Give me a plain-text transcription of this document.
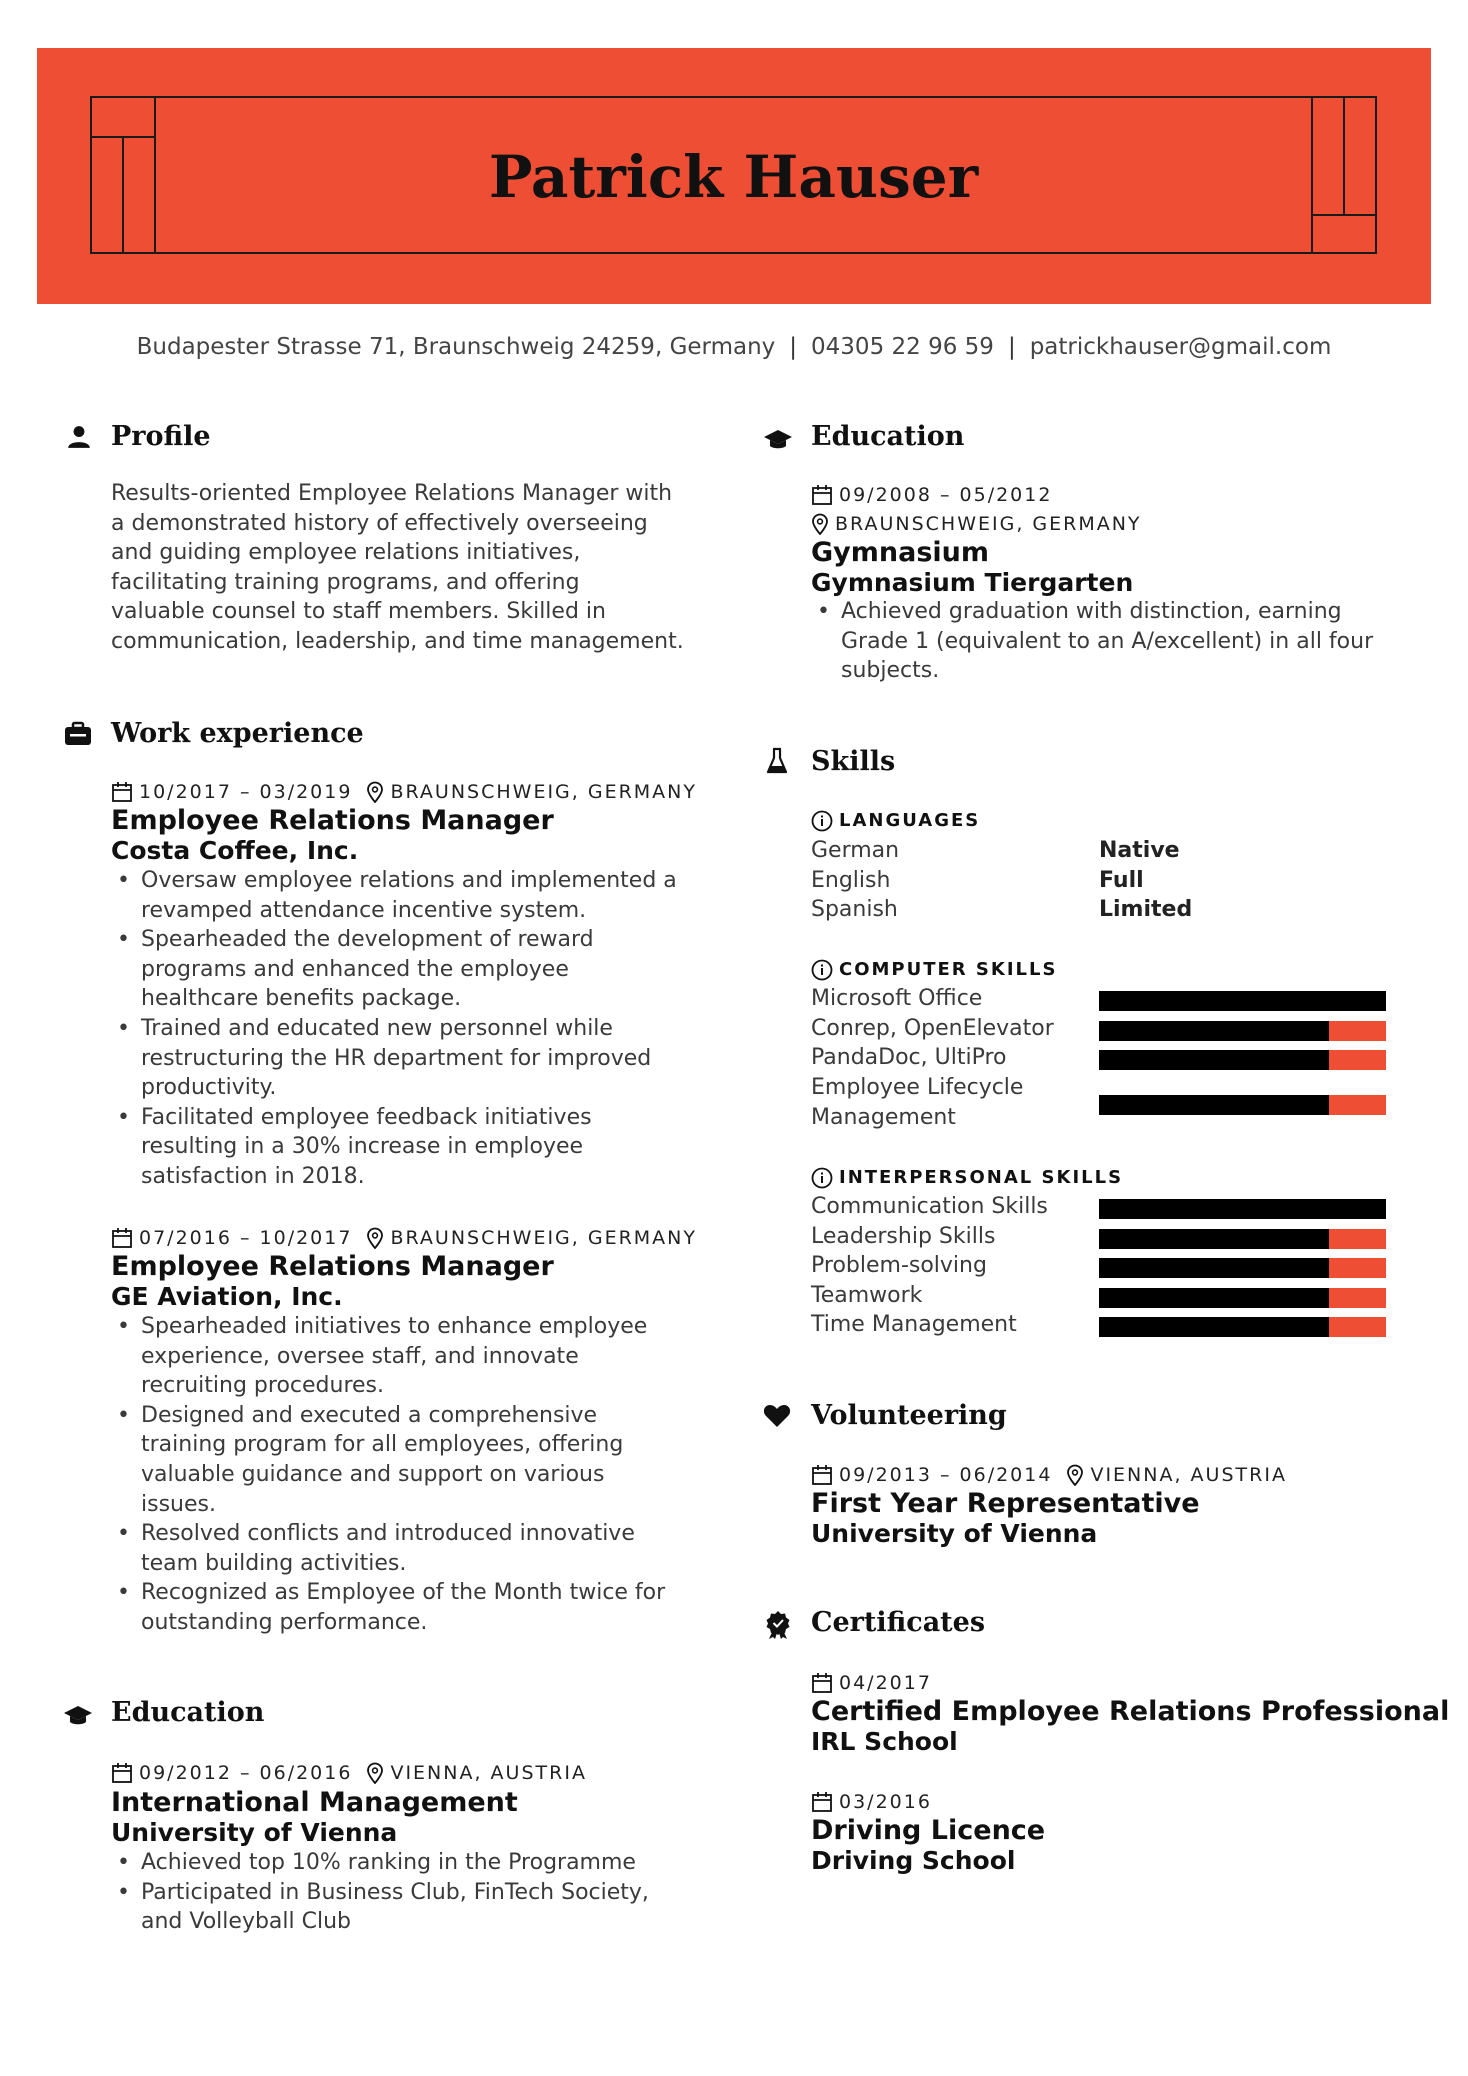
Patrick Hauser
Budapester Strasse 71, Braunschweig 24259, Germany | 04305 22 96 59 | patrickhauser@gmail.com
Profile
Results-oriented Employee Relations Manager with
a demonstrated history of effectively overseeing
and guiding employee relations initiatives,
facilitating training programs, and offering
valuable counsel to staff members. Skilled in
communication, leadership, and time management.
Work experience
10/2017 – 03/2019 BRAUNSCHWEIG, GERMANY
Employee Relations Manager
Costa Coffee, Inc.
• Oversaw employee relations and implemented a
revamped attendance incentive system.
• Spearheaded the development of reward
programs and enhanced the employee
healthcare benefits package.
• Trained and educated new personnel while
restructuring the HR department for improved
productivity.
• Facilitated employee feedback initiatives
resulting in a 30% increase in employee
satisfaction in 2018.
07/2016 – 10/2017 BRAUNSCHWEIG, GERMANY
Employee Relations Manager
GE Aviation, Inc.
• Spearheaded initiatives to enhance employee
experience, oversee staff, and innovate
recruiting procedures.
• Designed and executed a comprehensive
training program for all employees, offering
valuable guidance and support on various
issues.
• Resolved conflicts and introduced innovative
team building activities.
• Recognized as Employee of the Month twice for
outstanding performance.
Education
09/2012 – 06/2016 VIENNA, AUSTRIA
International Management
University of Vienna
• Achieved top 10% ranking in the Programme
• Participated in Business Club, FinTech Society,
and Volleyball Club
Education
09/2008 – 05/2012
BRAUNSCHWEIG, GERMANY
Gymnasium
Gymnasium Tiergarten
• Achieved graduation with distinction, earning
Grade 1 (equivalent to an A/excellent) in all four
subjects.
Skills
LANGUAGES
German	Native
English	Full
Spanish	Limited
COMPUTER SKILLS
Microsoft Office
Conrep, OpenElevator
PandaDoc, UltiPro
Employee Lifecycle
Management
INTERPERSONAL SKILLS
Communication Skills
Leadership Skills
Problem-solving
Teamwork
Time Management
Volunteering
09/2013 – 06/2014 VIENNA, AUSTRIA
First Year Representative
University of Vienna
Certificates
04/2017
Certified Employee Relations Professional
IRL School
03/2016
Driving Licence
Driving School
